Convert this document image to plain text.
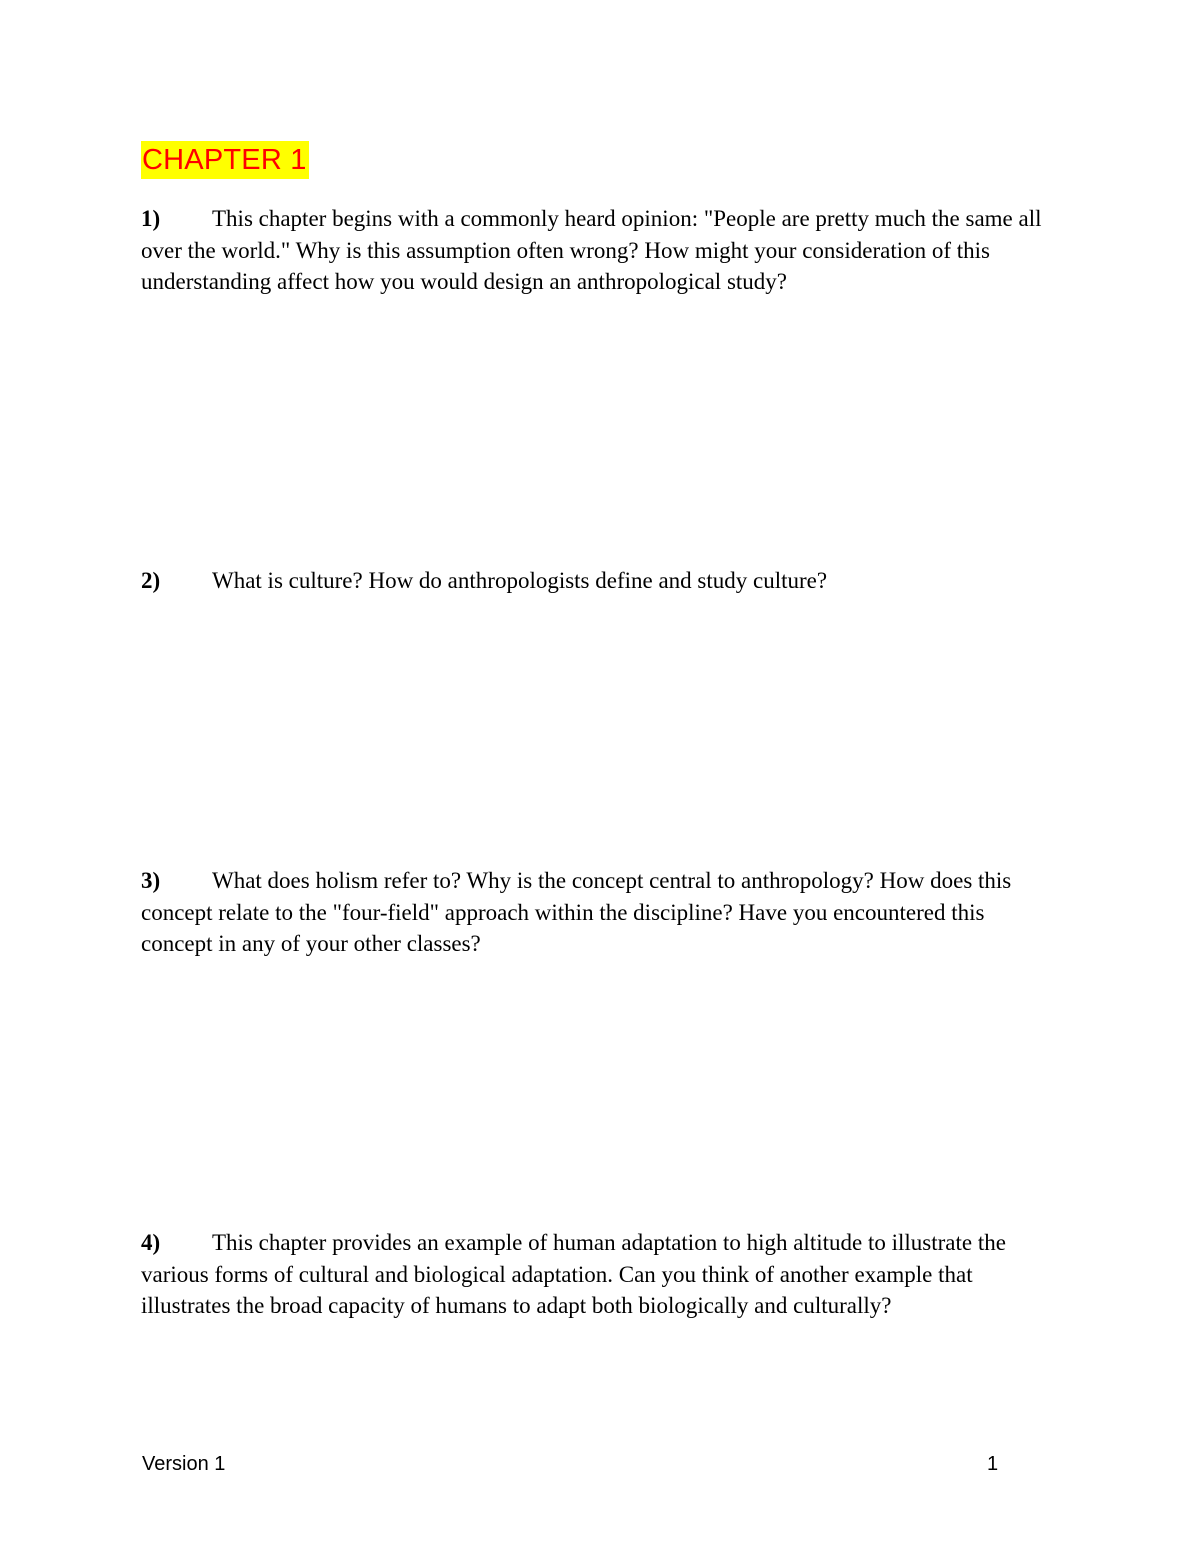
CHAPTER 1
1) This chapter begins with a commonly heard opinion: "People are pretty much the same all over the world." Why is this assumption often wrong? How might your consideration of this understanding affect how you would design an anthropological study?
2) What is culture? How do anthropologists define and study culture?
3) What does holism refer to? Why is the concept central to anthropology? How does this concept relate to the "four-field" approach within the discipline? Have you encountered this concept in any of your other classes?
4) This chapter provides an example of human adaptation to high altitude to illustrate the various forms of cultural and biological adaptation. Can you think of another example that illustrates the broad capacity of humans to adapt both biologically and culturally?
Version 1	1
